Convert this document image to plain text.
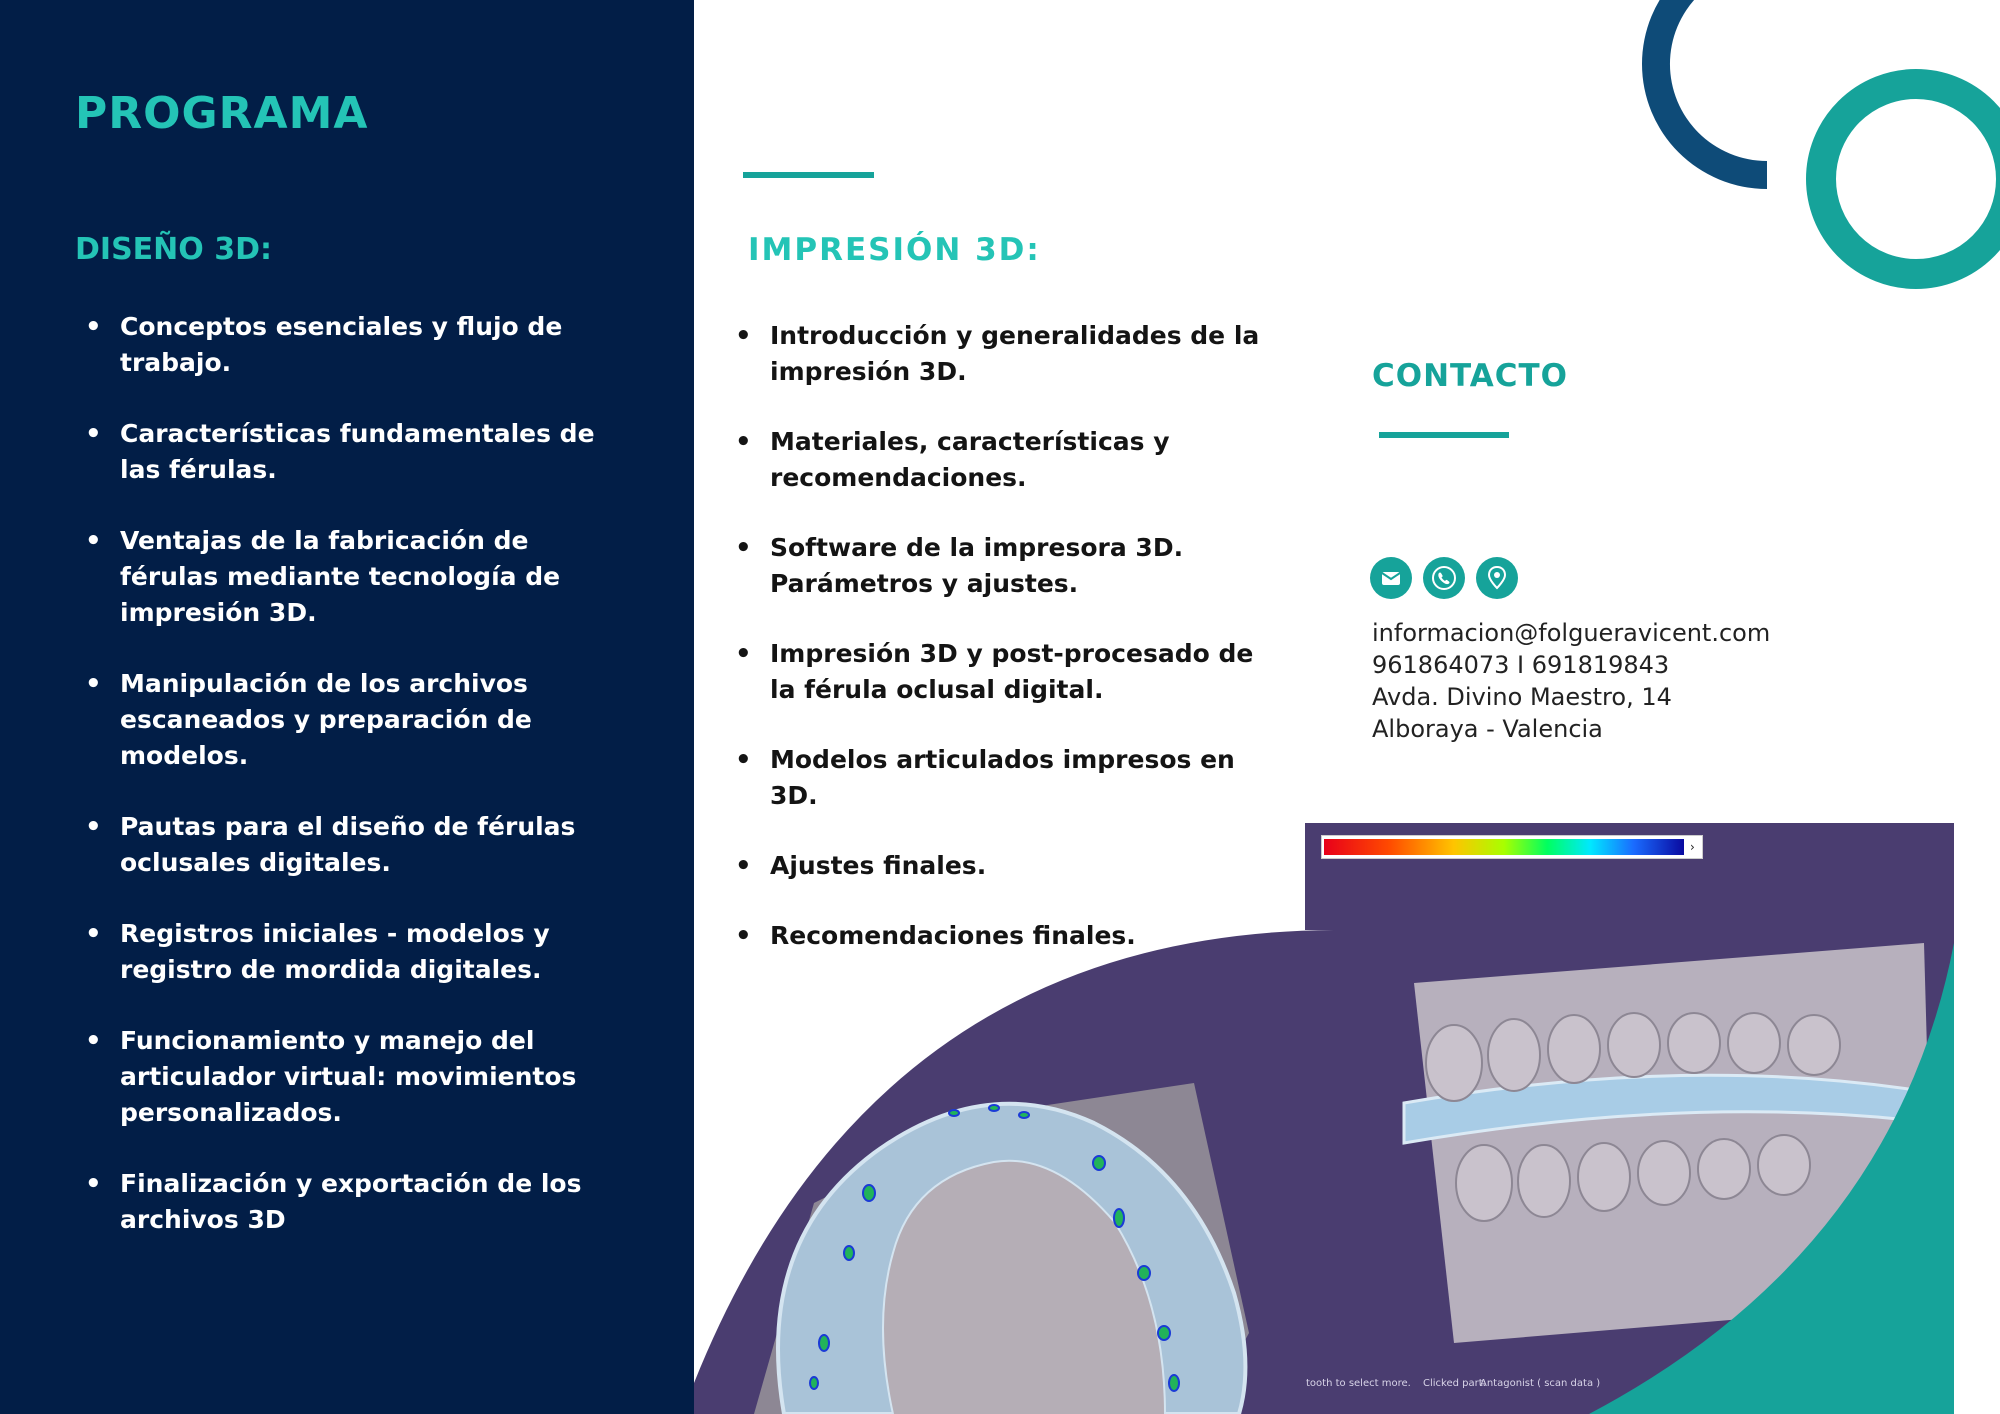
PROGRAMA
DISEÑO 3D:
• Conceptos esenciales y flujo de trabajo.
• Características fundamentales de las férulas.
• Ventajas de la fabricación de férulas mediante tecnología de impresión 3D.
• Manipulación de los archivos escaneados y preparación de modelos.
• Pautas para el diseño de férulas oclusales digitales.
• Registros iniciales - modelos y registro de mordida digitales.
• Funcionamiento y manejo del articulador virtual: movimientos personalizados.
• Finalización y exportación de los archivos 3D
IMPRESIÓN 3D:
• Introducción y generalidades de la impresión 3D.
• Materiales, características y recomendaciones.
• Software de la impresora 3D. Parámetros y ajustes.
• Impresión 3D y post-procesado de la férula oclusal digital.
• Modelos articulados impresos en 3D.
• Ajustes finales.
• Recomendaciones finales.
CONTACTO
informacion@folgueravicent.com
961864073 I 691819843
Avda. Divino Maestro, 14
Alboraya - Valencia
›
tooth to select more. Clicked part:
Antagonist ( scan data )
